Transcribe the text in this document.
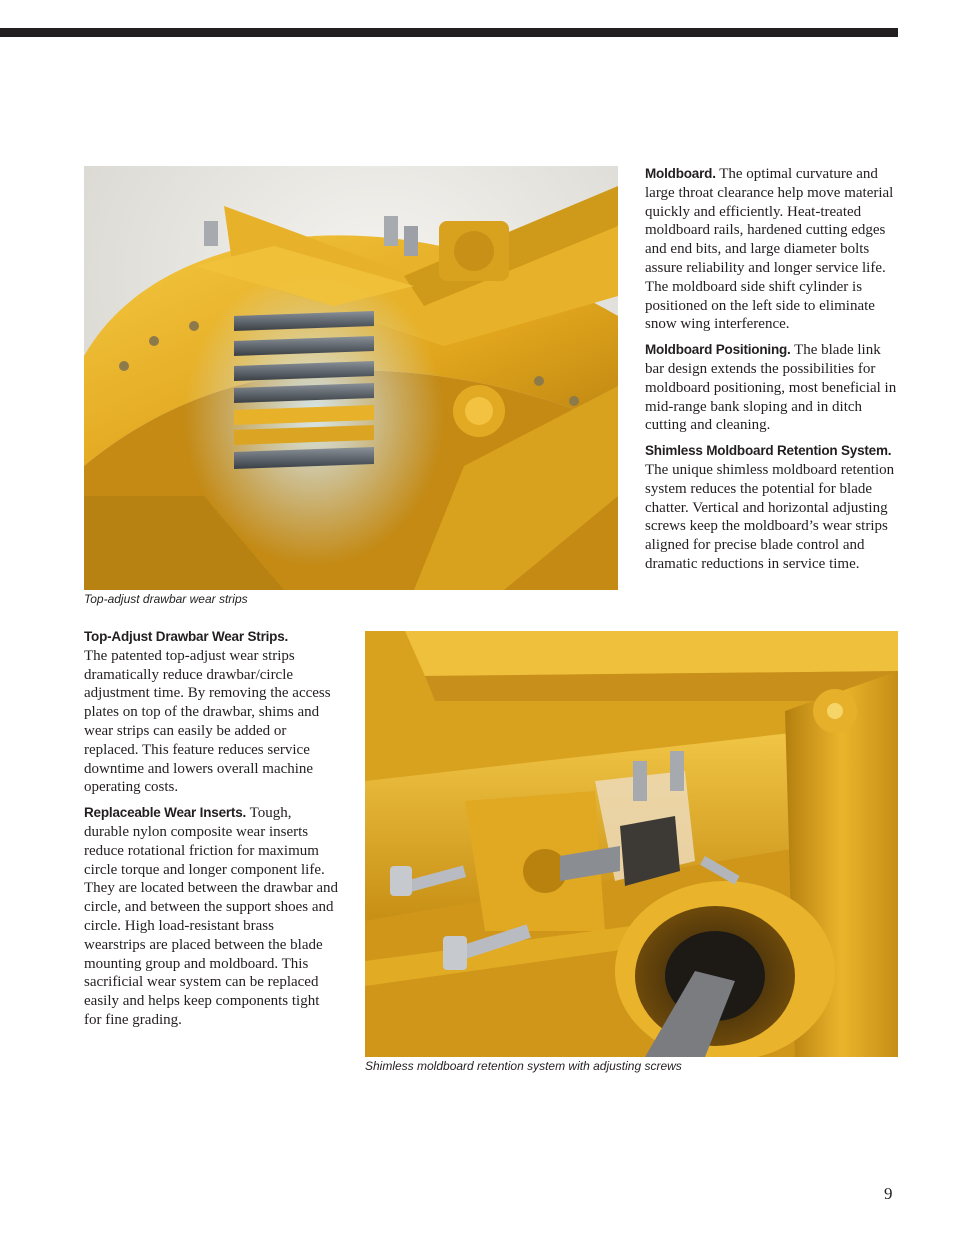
Top-adjust drawbar wear strips

Moldboard. The optimal curvature and large throat clearance help move material quickly and efficiently. Heat-treated moldboard rails, hardened cutting edges and end bits, and large diameter bolts assure reliability and longer service life. The moldboard side shift cylinder is positioned on the left side to eliminate snow wing interference.

Moldboard Positioning. The blade link bar design extends the possibilities for moldboard positioning, most beneficial in mid-range bank sloping and in ditch cutting and cleaning.

Shimless Moldboard Retention System.
The unique shimless moldboard retention system reduces the potential for blade chatter. Vertical and horizontal adjusting screws keep the moldboard’s wear strips aligned for precise blade control and dramatic reductions in service time.

Top-Adjust Drawbar Wear Strips.
The patented top-adjust wear strips dramatically reduce drawbar/circle adjustment time. By removing the access plates on top of the drawbar, shims and wear strips can easily be added or replaced. This feature reduces service downtime and lowers overall machine operating costs.

Replaceable Wear Inserts. Tough, durable nylon composite wear inserts reduce rotational friction for maximum circle torque and longer component life. They are located between the drawbar and circle, and between the support shoes and circle. High load-resistant brass wearstrips are placed between the blade mounting group and moldboard. This sacrificial wear system can be replaced easily and helps keep components tight for fine grading.

Shimless moldboard retention system with adjusting screws
9
